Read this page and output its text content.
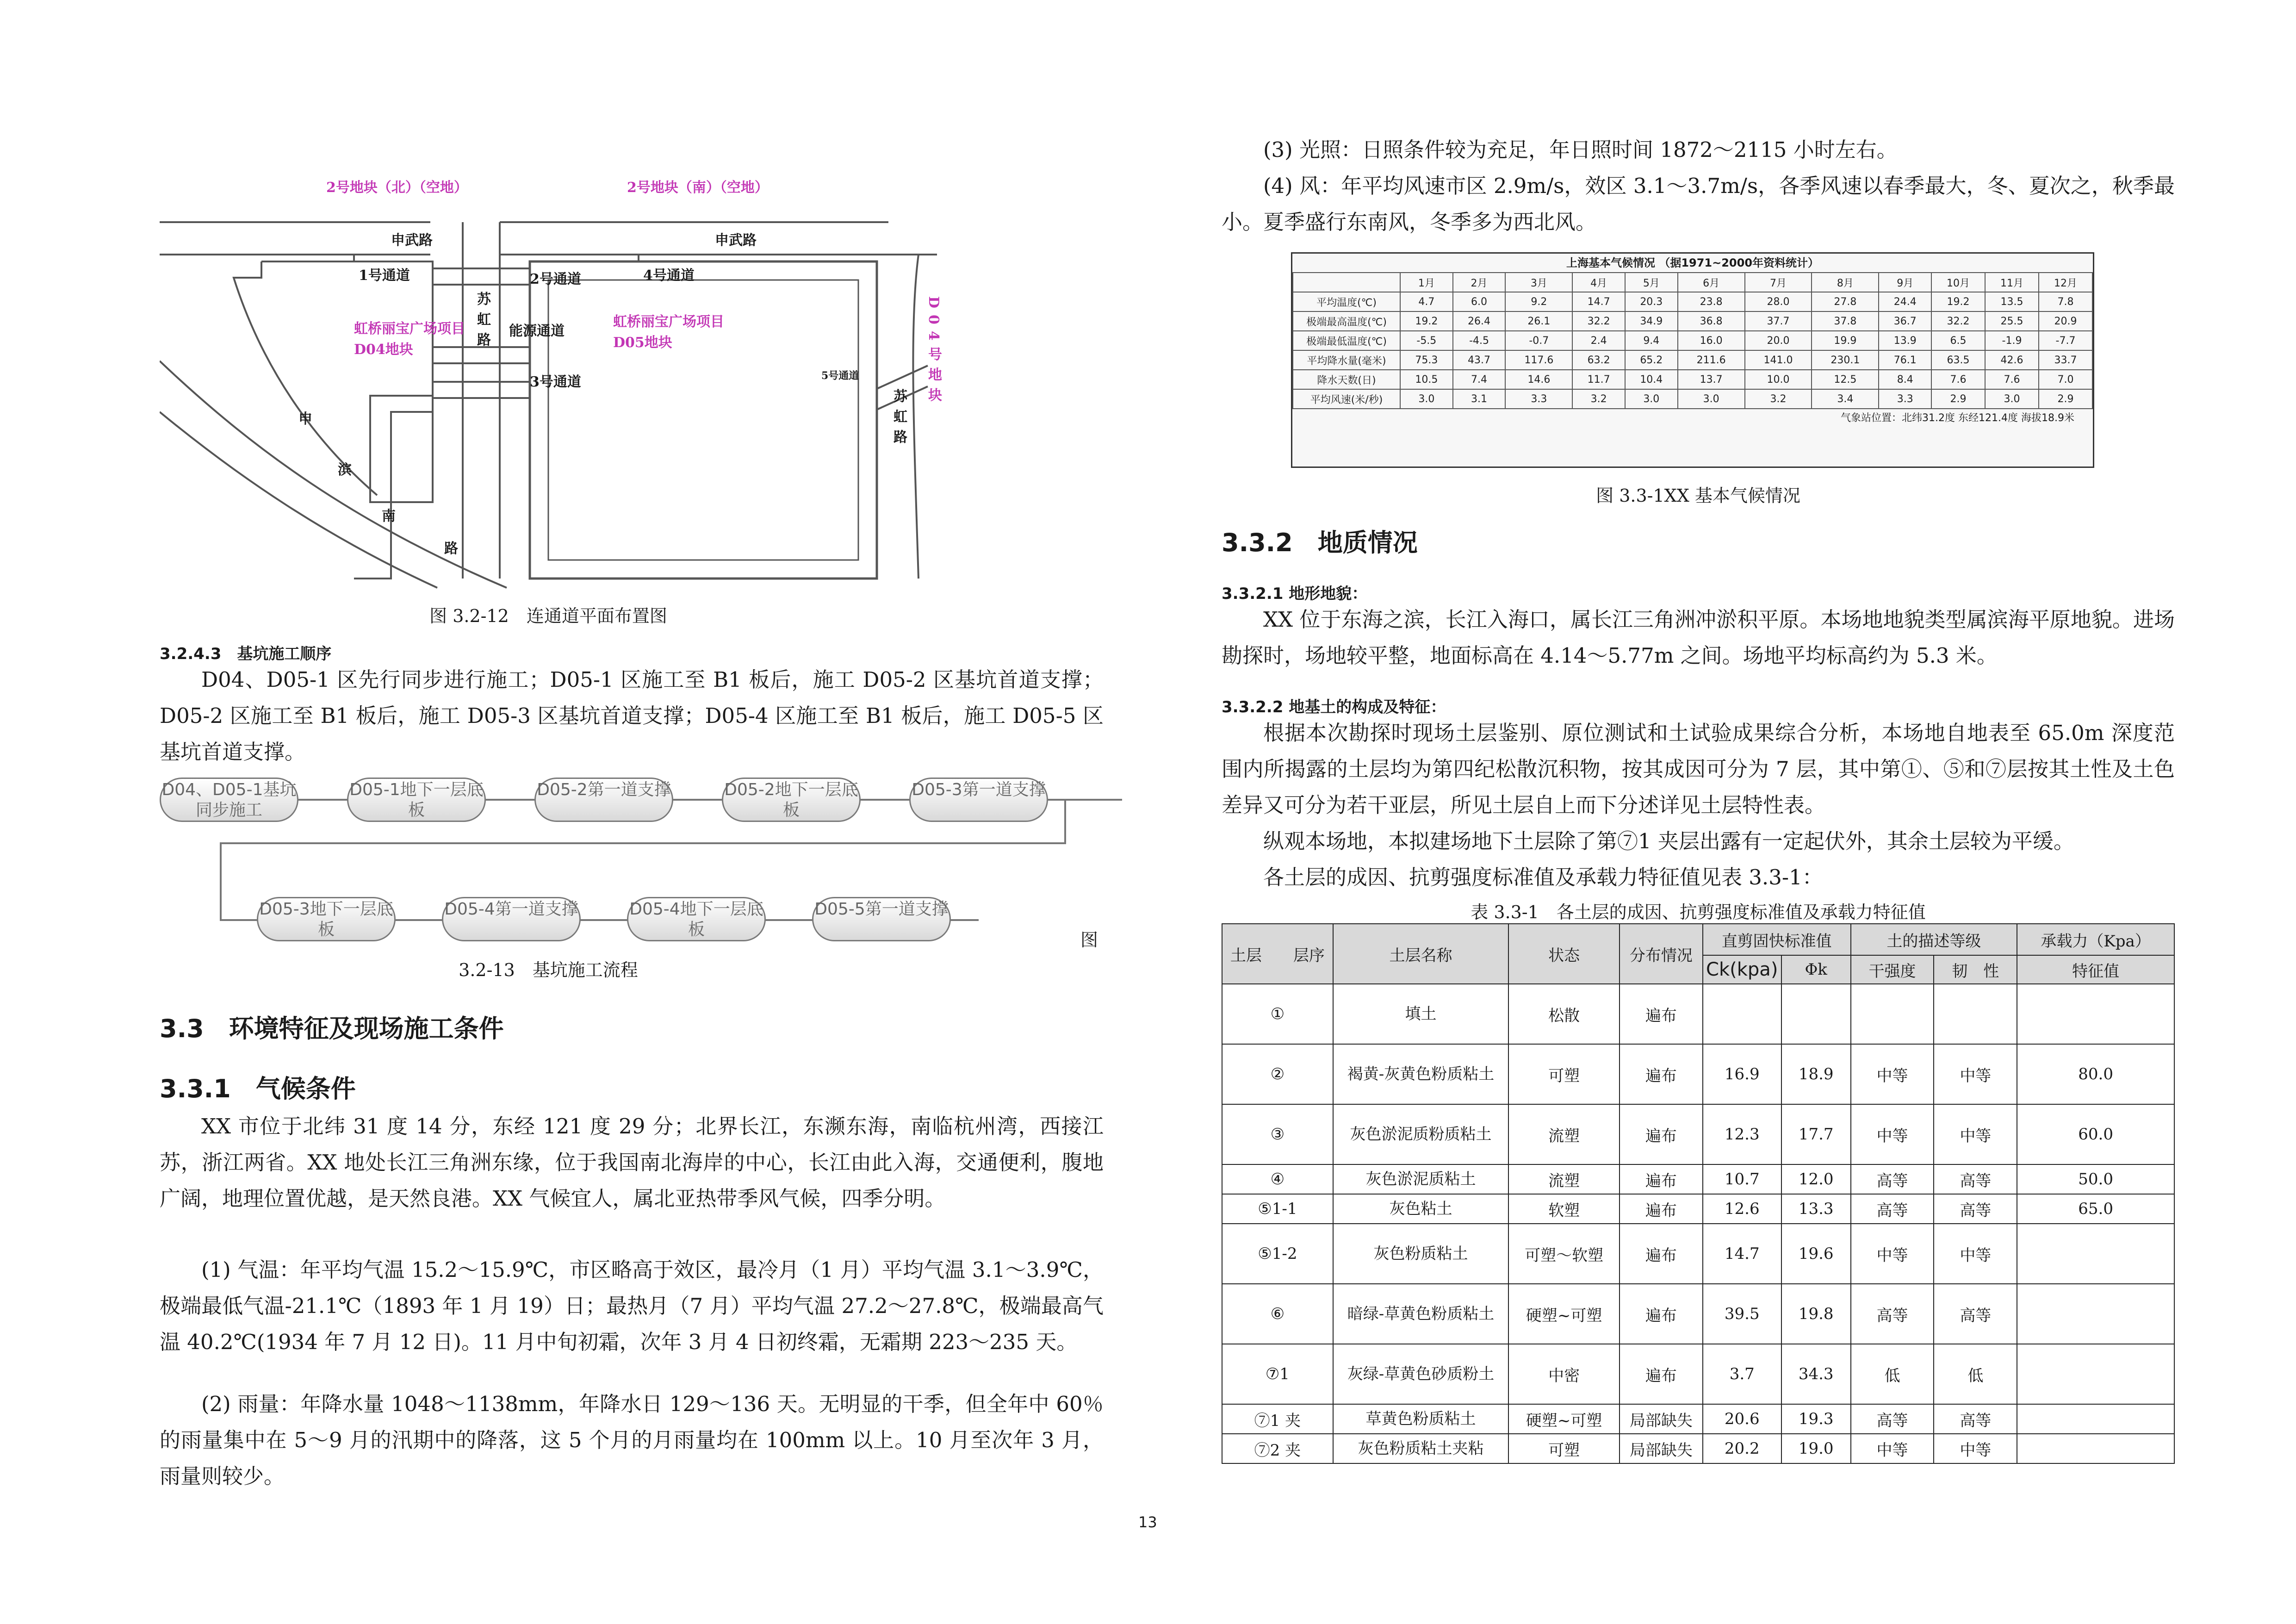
2号地块（北）（空地）	2号地块（南）（空地）
申武路	申武路
1号通道	2号通道	4号通道
能源通道
3号通道
苏虹路
虹桥丽宝广场项目
D04地块
虹桥丽宝广场项目
D05地块
5号通道
苏虹路
D04号地块
申
滨
南
路
图 3.2-12　连通道平面布置图
3.2.4.3　基坑施工顺序
D04、D05-1 区先行同步进行施工；D05-1 区施工至 B1 板后，施工 D05-2 区基坑首道支撑；D05-2 区施工至 B1 板后，施工 D05-3 区基坑首道支撑；D05-4 区施工至 B1 板后，施工 D05-5 区基坑首道支撑。
D04、D05-1基坑同步施工
D05-1地下一层底板
D05-2第一道支撑	D05-2地下一层底板
D05-3第一道支撑
D05-3地下一层底板
D05-4第一道支撑	D05-4地下一层底板
D05-5第一道支撑
图
3.2-13　基坑施工流程
3.3　环境特征及现场施工条件
3.3.1　气候条件
XX 市位于北纬 31 度 14 分，东经 121 度 29 分；北界长江，东濒东海，南临杭州湾，西接江苏，浙江两省。XX 地处长江三角洲东缘，位于我国南北海岸的中心，长江由此入海，交通便利，腹地广阔，地理位置优越，是天然良港。XX 气候宜人，属北亚热带季风气候，四季分明。
(1) 气温：年平均气温 15.2～15.9℃，市区略高于效区，最冷月（1 月）平均气温 3.1～3.9℃，极端最低气温-21.1℃（1893 年 1 月 19）日；最热月（7 月）平均气温 27.2～27.8℃，极端最高气温 40.2℃(1934 年 7 月 12 日)。11 月中旬初霜，次年 3 月 4 日初终霜，无霜期 223～235 天。
(2) 雨量：年降水量 1048～1138mm，年降水日 129～136 天。无明显的干季，但全年中 60％的雨量集中在 5～9 月的汛期中的降落，这 5 个月的月雨量均在 100mm 以上。10 月至次年 3 月，雨量则较少。
13
(3) 光照：日照条件较为充足，年日照时间 1872～2115 小时左右。
(4) 风：年平均风速市区 2.9m/s，效区 3.1～3.7m/s，各季风速以春季最大，冬、夏次之，秋季最小。夏季盛行东南风，冬季多为西北风。
上海基本气候情况 （据1971~2000年资料统计）
	1月	2月	3月	4月	5月	6月	7月	8月	9月	10月	11月	12月
平均温度(℃)	4.7	6.0	9.2	14.7	20.3	23.8	28.0	27.8	24.4	19.2	13.5	7.8
极端最高温度(℃)	19.2	26.4	26.1	32.2	34.9	36.8	37.7	37.8	36.7	32.2	25.5	20.9
极端最低温度(℃)	-5.5	-4.5	-0.7	2.4	9.4	16.0	20.0	19.9	13.9	6.5	-1.9	-7.7
平均降水量(毫米)	75.3	43.7	117.6	63.2	65.2	211.6	141.0	230.1	76.1	63.5	42.6	33.7
降水天数(日)	10.5	7.4	14.6	11.7	10.4	13.7	10.0	12.5	8.4	7.6	7.6	7.0
平均风速(米/秒)	3.0	3.1	3.3	3.2	3.0	3.0	3.2	3.4	3.3	2.9	3.0	2.9
气象站位置：北纬31.2度 东经121.4度 海拔18.9米
图 3.3-1XX 基本气候情况
3.3.2　地质情况
3.3.2.1 地形地貌：
XX 位于东海之滨，长江入海口，属长江三角洲冲淤积平原。本场地地貌类型属滨海平原地貌。进场勘探时，场地较平整，地面标高在 4.14～5.77m 之间。场地平均标高约为 5.3 米。
3.3.2.2 地基土的构成及特征：
根据本次勘探时现场土层鉴别、原位测试和土试验成果综合分析，本场地自地表至 65.0m 深度范围内所揭露的土层均为第四纪松散沉积物，按其成因可分为 7 层，其中第①、⑤和⑦层按其土性及土色差异又可分为若干亚层，所见土层自上而下分述详见土层特性表。
纵观本场地，本拟建场地下土层除了第⑦1 夹层出露有一定起伏外，其余土层较为平缓。
各土层的成因、抗剪强度标准值及承载力特征值见表 3.3-1：
表 3.3-1　各土层的成因、抗剪强度标准值及承载力特征值
土层　　层序	土层名称	状态	分布情况	直剪固快标准值		土的描述等级		承载力（Kpa）
				Ck(kpa)	Φk	干强度	韧　性	特征值
①	填土	松散	遍布					
②	褐黄-灰黄色粉质粘土	可塑	遍布	16.9	18.9	中等	中等	80.0
③	灰色淤泥质粉质粘土	流塑	遍布	12.3	17.7	中等	中等	60.0
④	灰色淤泥质粘土	流塑	遍布	10.7	12.0	高等	高等	50.0
⑤1-1	灰色粘土	软塑	遍布	12.6	13.3	高等	高等	65.0
⑤1-2	灰色粉质粘土	可塑～软塑	遍布	14.7	19.6	中等	中等	
⑥	暗绿-草黄色粉质粘土	硬塑~可塑	遍布	39.5	19.8	高等	高等	
⑦1	灰绿-草黄色砂质粉土	中密	遍布	3.7	34.3	低	低	
⑦1 夹	草黄色粉质粘土	硬塑~可塑	局部缺失	20.6	19.3	高等	高等	
⑦2 夹	灰色粉质粘土夹粘	可塑	局部缺失	20.2	19.0	中等	中等	
